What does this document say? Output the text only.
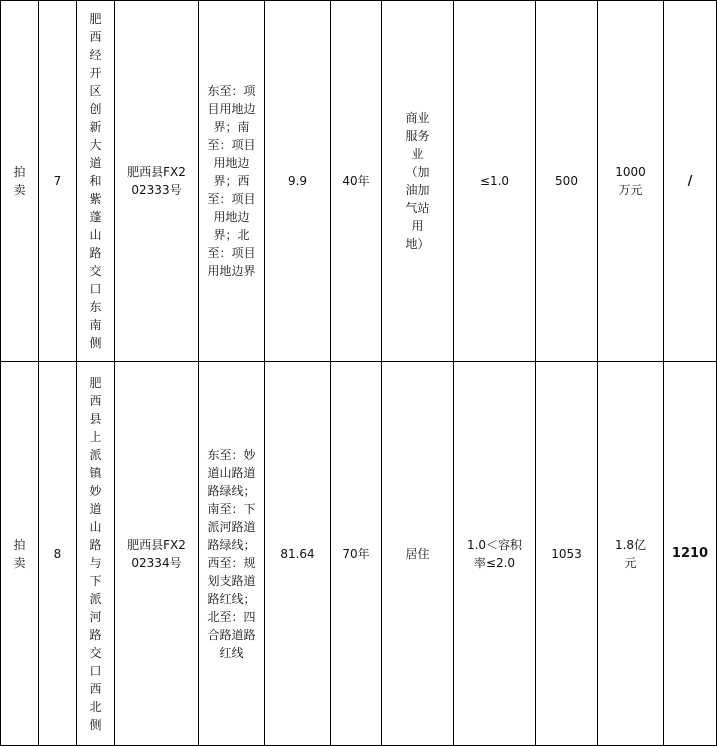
拍卖	7	肥西经开区创新大道和紫蓬山路交口东南侧	肥西县FX202333号	东至：项目用地边界；南至：项目用地边界；西至：项目用地边界；北至：项目用地边界	9.9	40年	商业服务业（加油加气站用地）	≤1.0	500	1000万元	/

拍卖	8	肥西县上派镇妙道山路与下派河路交口西北侧	肥西县FX202334号	东至：妙道山路道路绿线；南至：下派河路道路绿线；西至：规划支路道路红线；北至：四合路道路红线	81.64	70年	居住	1.0＜容积率≤2.0	1053	1.8亿元	1210
